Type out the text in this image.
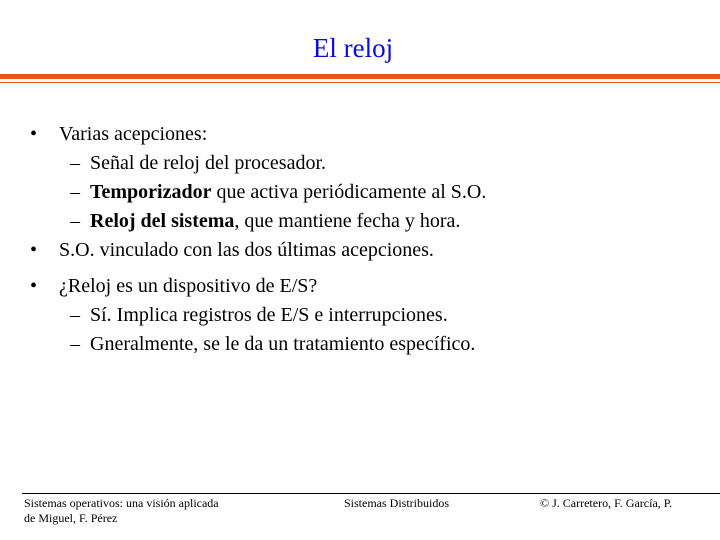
El reloj
• Varias acepciones:
– Señal de reloj del procesador.
– Temporizador que activa periódicamente al S.O.
– Reloj del sistema, que mantiene fecha y hora.
• S.O. vinculado con las dos últimas acepciones.
• ¿Reloj es un dispositivo de E/S?
– Sí. Implica registros de E/S e interrupciones.
– Gneralmente, se le da un tratamiento específico.
Sistemas operativos: una visión aplicada
de Miguel, F. Pérez
Sistemas Distribuidos	© J. Carretero, F. García, P.
